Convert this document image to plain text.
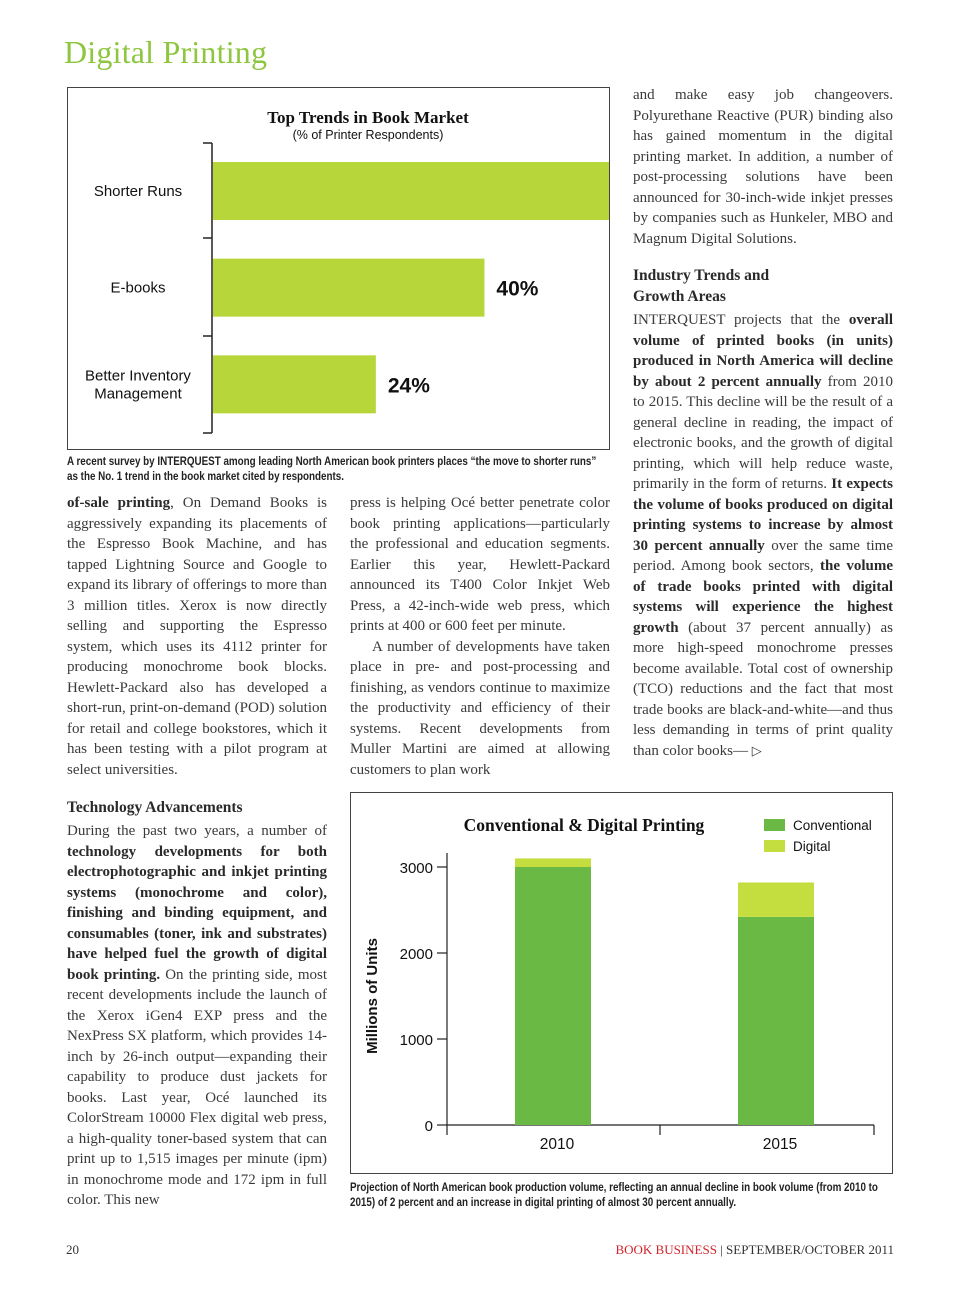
Digital Printing
Top Trends in Book Market
(% of Printer Respondents)
Shorter Runs
40%
E-books
24%
Better Inventory
Management
A recent survey by INTERQUEST among leading North American book printers places “the move to shorter runs” as the No. 1 trend in the book market cited by respondents.

of-sale printing, On Demand Books is aggressively expanding its placements of the Espresso Book Machine, and has tapped Lightning Source and Google to expand its library of offerings to more than 3 million titles. Xerox is now directly selling and supporting the Espresso system, which uses its 4112 printer for producing monochrome book blocks. Hewlett-Packard also has developed a short-run, print-on-demand (POD) solution for retail and college bookstores, which it has been testing with a pilot program at select universities.

press is helping Océ better penetrate color book printing applications—particularly the professional and education segments. Earlier this year, Hewlett-Packard announced its T400 Color Inkjet Web Press, a 42-inch-wide web press, which prints at 400 or 600 feet per minute.

A number of developments have taken place in pre- and post-processing and finishing, as vendors continue to maximize the productivity and efficiency of their systems. Recent developments from Muller Martini are aimed at allowing customers to plan work

and make easy job changeovers. Polyurethane Reactive (PUR) binding also has gained momentum in the digital printing market. In addition, a number of post-processing solutions have been announced for 30-inch-wide inkjet presses by companies such as Hunkeler, MBO and Magnum Digital Solutions.

Industry Trends and
Growth Areas

INTERQUEST projects that the overall volume of printed books (in units) produced in North America will decline by about 2 percent annually from 2010 to 2015. This decline will be the result of a general decline in reading, the impact of electronic books, and the growth of digital printing, which will help reduce waste, primarily in the form of returns. It expects the volume of books produced on digital printing systems to increase by almost 30 percent annually over the same time period. Among book sectors, the volume of trade books printed with digital systems will experience the highest growth (about 37 percent annually) as more high-speed monochrome presses become available. Total cost of ownership (TCO) reductions and the fact that most trade books are black-and-white—and thus less demanding in terms of print quality than color books— ▷

Technology Advancements

During the past two years, a number of technology developments for both electrophotographic and inkjet printing systems (monochrome and color), finishing and binding equipment, and consumables (toner, ink and substrates) have helped fuel the growth of digital book printing. On the printing side, most recent developments include the launch of the Xerox iGen4 EXP press and the NexPress SX platform, which provides 14-inch by 26-inch output—expanding their capability to produce dust jackets for books. Last year, Océ launched its ColorStream 10000 Flex digital web press, a high-quality toner-based system that can print up to 1,515 images per minute (ipm) in monochrome mode and 172 ipm in full color. This new

Conventional & Digital Printing	Conventional
Digital
0
1000
2000
3000
Millions of Units
2010	2015
Projection of North American book production volume, reflecting an annual decline in book volume (from 2010 to 2015) of 2 percent and an increase in digital printing of almost 30 percent annually.
20	BOOK BUSINESS | SEPTEMBER/OCTOBER 2011
